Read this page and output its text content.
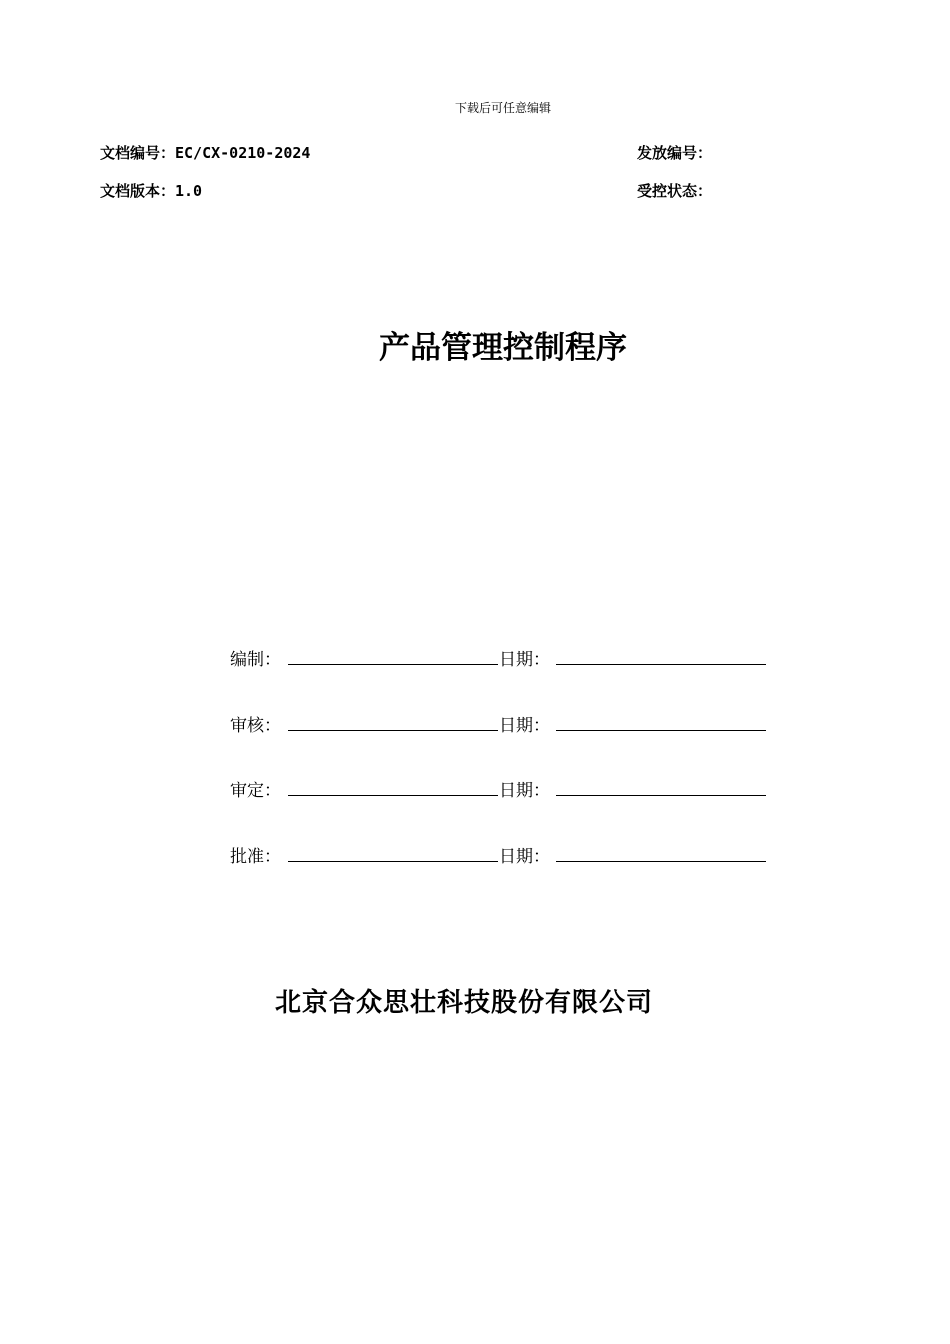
下载后可任意编辑
文档编号：EC/CX-0210-2024
文档版本：1.0
发放编号：
受控状态：
产品管理控制程序
编制：	日期：
审核：	日期：
审定：	日期：
批准：	日期：
北京合众思壮科技股份有限公司
